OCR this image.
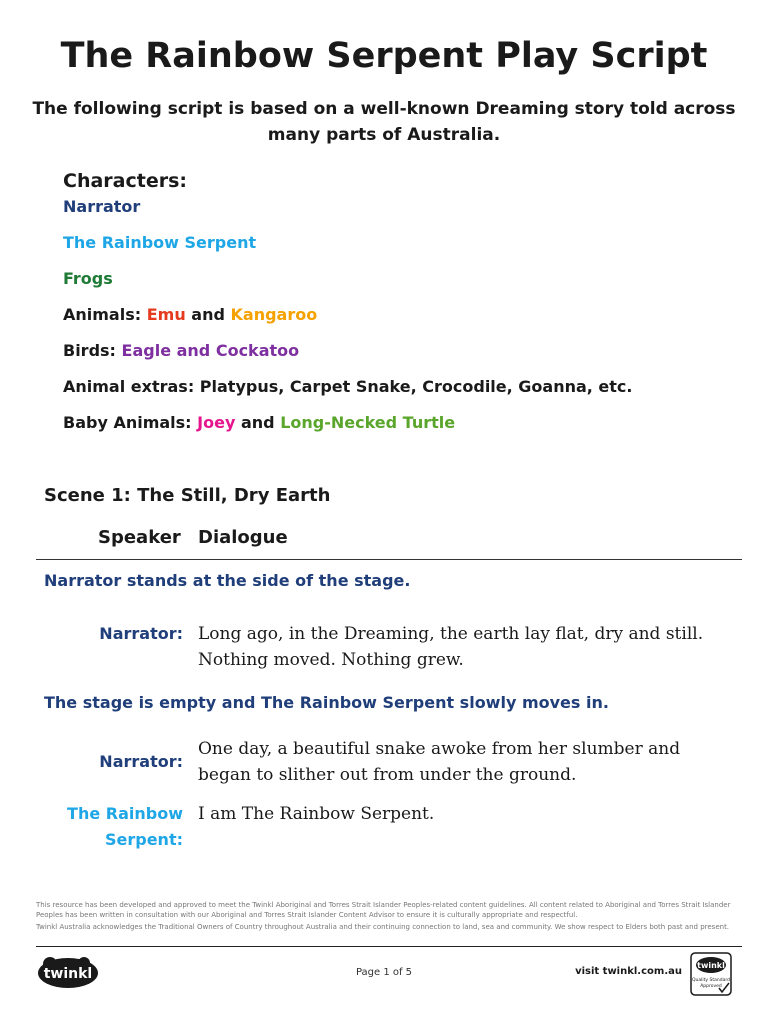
The Rainbow Serpent Play Script
The following script is based on a well-known Dreaming story told across
many parts of Australia.
Characters:
Narrator
The Rainbow Serpent
Frogs
Animals: Emu and Kangaroo
Birds: Eagle and Cockatoo
Animal extras: Platypus, Carpet Snake, Crocodile, Goanna, etc.
Baby Animals: Joey and Long-Necked Turtle
Scene 1: The Still, Dry Earth
Speaker Dialogue
Narrator stands at the side of the stage.
Narrator: Long ago, in the Dreaming, the earth lay flat, dry and still.
Nothing moved. Nothing grew.
The stage is empty and The Rainbow Serpent slowly moves in.
Narrator:
One day, a beautiful snake awoke from her slumber and
began to slither out from under the ground.
The Rainbow
Serpent:
I am The Rainbow Serpent.

This resource has been developed and approved to meet the Twinkl Aboriginal and Torres Strait Islander Peoples-related content guidelines. All content related to Aboriginal and Torres Strait Islander Peoples has been written in consultation with our Aboriginal and Torres Strait Islander Content Advisor to ensure it is culturally appropriate and respectful.

Twinkl Australia acknowledges the Traditional Owners of Country throughout Australia and their continuing connection to land, sea and community. We show respect to Elders both past and present.

twinkl	Page 1 of 5	visit twinkl.com.au
twinkl
Quality Standard
Approved
